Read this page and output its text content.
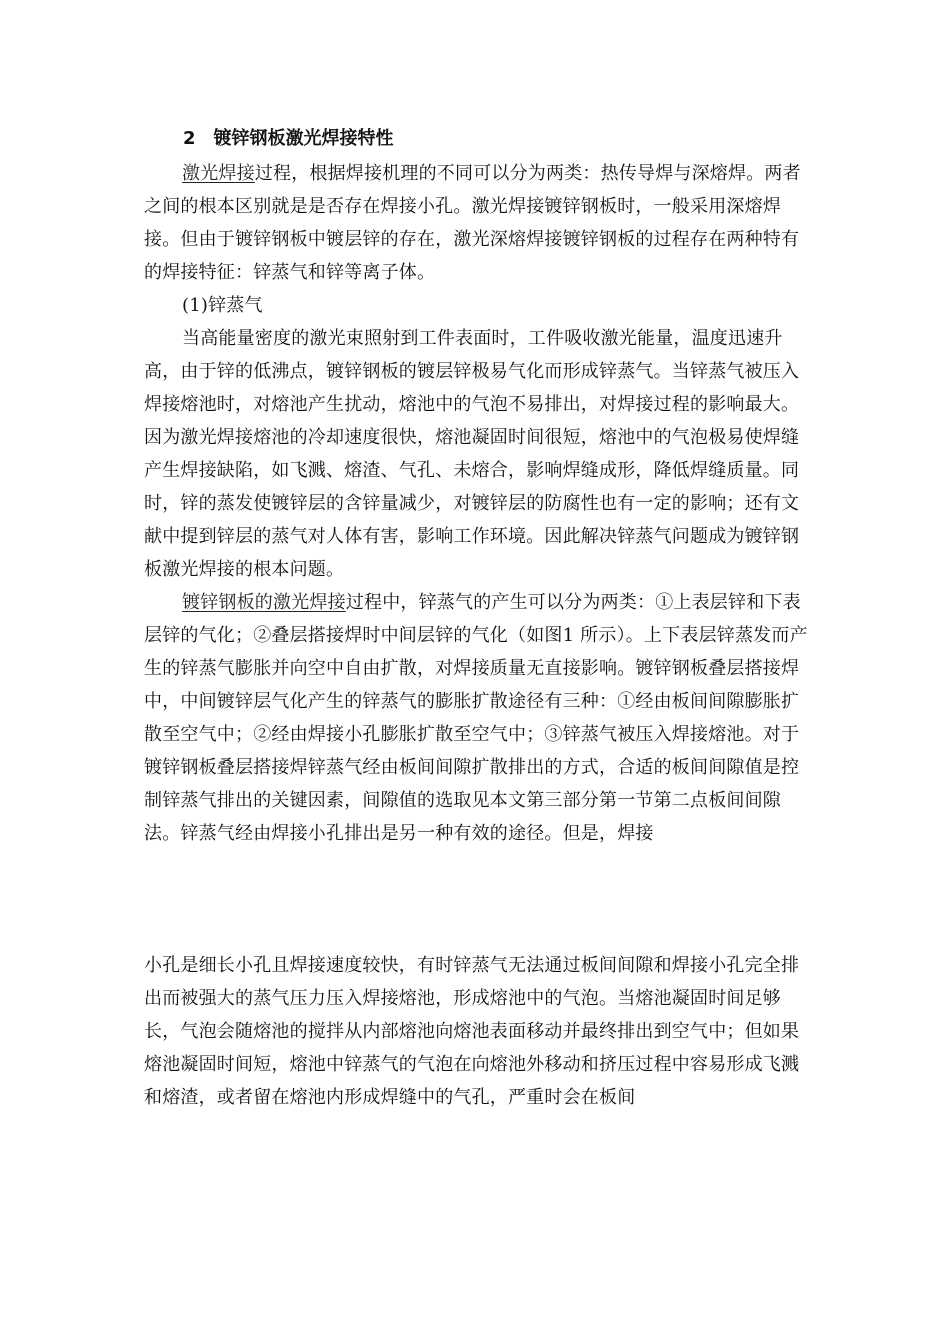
2 镀锌钢板激光焊接特性

激光焊接过程，根据焊接机理的不同可以分为两类：热传导焊与深熔焊。两者之间的根本区别就是是否存在焊接小孔。激光焊接镀锌钢板时，一般采用深熔焊接。但由于镀锌钢板中镀层锌的存在，激光深熔焊接镀锌钢板的过程存在两种特有的焊接特征：锌蒸气和锌等离子体。

(1)锌蒸气

当高能量密度的激光束照射到工件表面时，工件吸收激光能量，温度迅速升高，由于锌的低沸点，镀锌钢板的镀层锌极易气化而形成锌蒸气。当锌蒸气被压入焊接熔池时，对熔池产生扰动，熔池中的气泡不易排出，对焊接过程的影响最大。因为激光焊接熔池的冷却速度很快，熔池凝固时间很短，熔池中的气泡极易使焊缝产生焊接缺陷，如飞溅、熔渣、气孔、未熔合，影响焊缝成形，降低焊缝质量。同时，锌的蒸发使镀锌层的含锌量减少，对镀锌层的防腐性也有一定的影响；还有文献中提到锌层的蒸气对人体有害，影响工作环境。因此解决锌蒸气问题成为镀锌钢板激光焊接的根本问题。

镀锌钢板的激光焊接过程中，锌蒸气的产生可以分为两类：①上表层锌和下表层锌的气化；②叠层搭接焊时中间层锌的气化（如图1 所示）。上下表层锌蒸发而产生的锌蒸气膨胀并向空中自由扩散，对焊接质量无直接影响。镀锌钢板叠层搭接焊中，中间镀锌层气化产生的锌蒸气的膨胀扩散途径有三种：①经由板间间隙膨胀扩散至空气中；②经由焊接小孔膨胀扩散至空气中；③锌蒸气被压入焊接熔池。对于镀锌钢板叠层搭接焊锌蒸气经由板间间隙扩散排出的方式，合适的板间间隙值是控制锌蒸气排出的关键因素，间隙值的选取见本文第三部分第一节第二点板间间隙法。锌蒸气经由焊接小孔排出是另一种有效的途径。但是，焊接

小孔是细长小孔且焊接速度较快，有时锌蒸气无法通过板间间隙和焊接小孔完全排出而被强大的蒸气压力压入焊接熔池，形成熔池中的气泡。当熔池凝固时间足够长，气泡会随熔池的搅拌从内部熔池向熔池表面移动并最终排出到空气中；但如果熔池凝固时间短，熔池中锌蒸气的气泡在向熔池外移动和挤压过程中容易形成飞溅和熔渣，或者留在熔池内形成焊缝中的气孔，严重时会在板间
